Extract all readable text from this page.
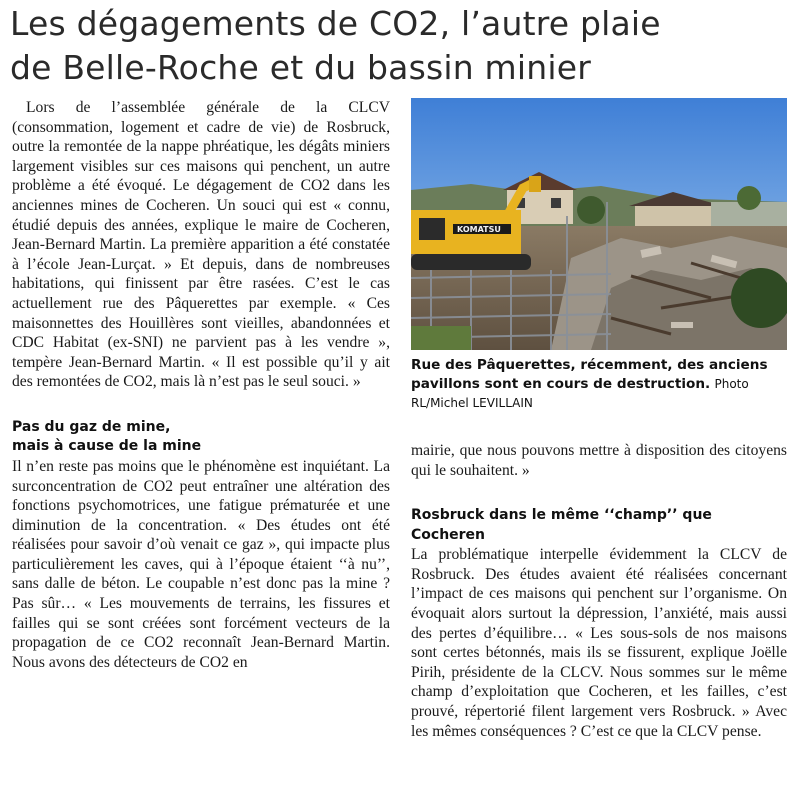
Les dégagements de CO2, l’autre plaie
de Belle-Roche et du bassin minier

Lors de l’assemblée générale de la CLCV (consommation, logement et cadre de vie) de Rosbruck, outre la remontée de la nappe phréatique, les dégâts miniers largement visibles sur ces maisons qui penchent, un autre problème a été évoqué. Le dégagement de CO2 dans les anciennes mines de Cocheren. Un souci qui est « connu, étudié depuis des années, explique le maire de Cocheren, Jean-Bernard Martin. La première apparition a été constatée à l’école Jean-Lurçat. » Et depuis, dans de nombreuses habitations, qui finissent par être rasées. C’est le cas actuellement rue des Pâquerettes par exemple. « Ces maisonnettes des Houillères sont vieilles, abandonnées et CDC Habitat (ex-SNI) ne parvient pas à les vendre », tempère Jean-Bernard Martin. « Il est possible qu’il y ait des remontées de CO2, mais là n’est pas le seul souci. »

Pas du gaz de mine,
mais à cause de la mine

Il n’en reste pas moins que le phénomène est inquiétant. La surconcentration de CO2 peut entraîner une altération des fonctions psychomotrices, une fatigue prématurée et une diminution de la concentration. « Des études ont été réalisées pour savoir d’où venait ce gaz », qui impacte plus particulièrement les caves, qui à l’époque étaient ‘‘à nu’’, sans dalle de béton. Le coupable n’est donc pas la mine ? Pas sûr… « Les mouvements de terrains, les fissures et failles qui se sont créées sont forcément vecteurs de la propagation de ce CO2 reconnaît Jean-Bernard Martin. Nous avons des détecteurs de CO2 en

KOMATSU

Rue des Pâquerettes, récemment, des anciens pavillons sont en cours de destruction. Photo RL/Michel LEVILLAIN

mairie, que nous pouvons mettre à disposition des citoyens qui le souhaitent. »

Rosbruck dans le même ‘‘champ’’ que Cocheren

La problématique interpelle évidemment la CLCV de Rosbruck. Des études avaient été réalisées concernant l’impact de ces maisons qui penchent sur l’organisme. On évoquait alors surtout la dépression, l’anxiété, mais aussi des pertes d’équilibre… « Les sous-sols de nos maisons sont certes bétonnés, mais ils se fissurent, explique Joëlle Pirih, présidente de la CLCV. Nous sommes sur le même champ d’exploitation que Cocheren, et les failles, c’est prouvé, répertorié filent largement vers Rosbruck. » Avec les mêmes conséquences ? C’est ce que la CLCV pense.
